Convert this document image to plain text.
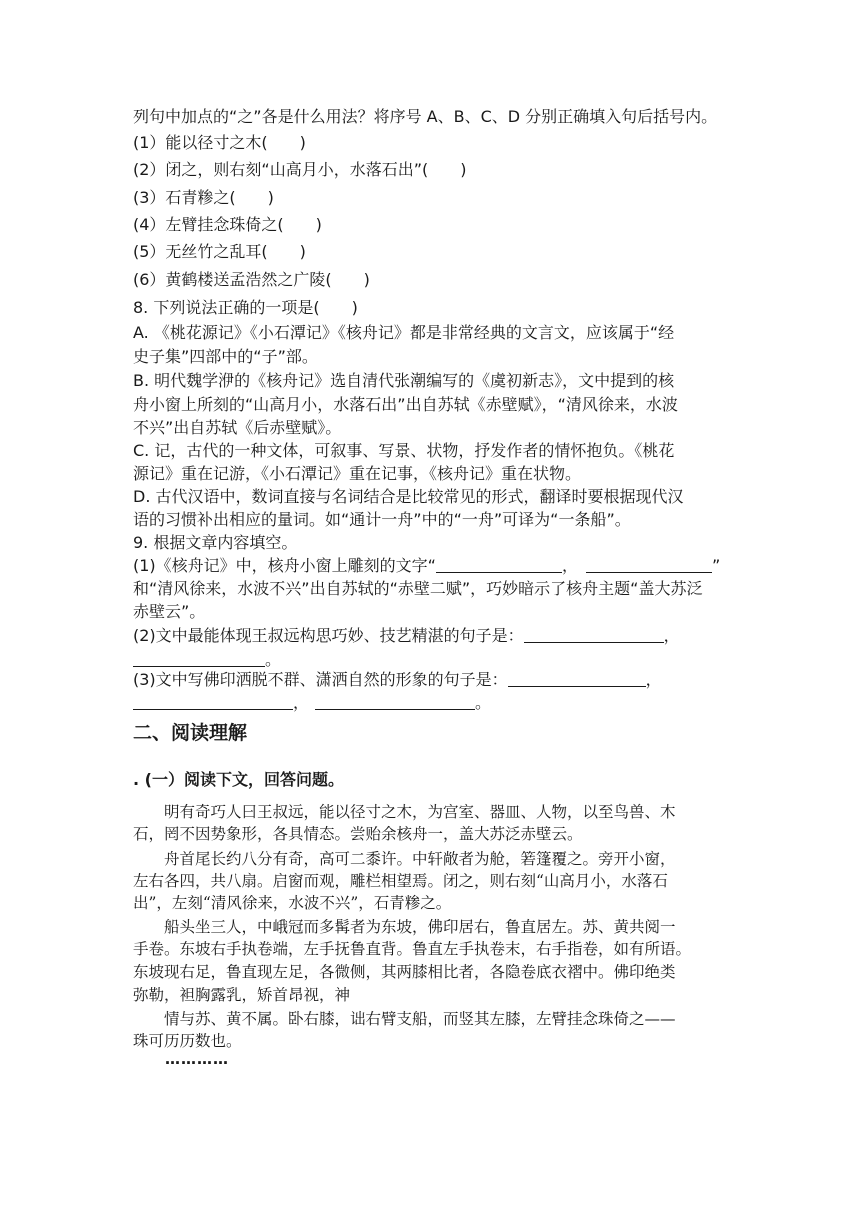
列句中加点的“之”各是什么用法？将序号 A、B、C、D 分别正确填入句后括号内。
(1）能以径寸之木(　　)
(2）闭之，则右刻“山高月小，水落石出”(　　)
(3）石青糁之(　　)
(4）左臂挂念珠倚之(　　)
(5）无丝竹之乱耳(　　)
(6）黄鹤楼送孟浩然之广陵(　　)
8. 下列说法正确的一项是(　　)
A. 《桃花源记》《小石潭记》《核舟记》都是非常经典的文言文，应该属于“经
史子集”四部中的“子”部。
B. 明代魏学洢的《核舟记》选自清代张潮编写的《虞初新志》，文中提到的核
舟小窗上所刻的“山高月小，水落石出”出自苏轼《赤壁赋》，“清风徐来，水波
不兴”出自苏轼《后赤壁赋》。
C. 记，古代的一种文体，可叙事、写景、状物，抒发作者的情怀抱负。《桃花
源记》重在记游，《小石潭记》重在记事，《核舟记》重在状物。
D. 古代汉语中，数词直接与名词结合是比较常见的形式，翻译时要根据现代汉
语的习惯补出相应的量词。如“通计一舟”中的“一舟”可译为“一条船”。
9. 根据文章内容填空。
(1)《核舟记》中，核舟小窗上雕刻的文字“	，	”
和“清风徐来，水波不兴”出自苏轼的“赤壁二赋”，巧妙暗示了核舟主题“盖大苏泛
赤壁云”。
(2)文中最能体现王叔远构思巧妙、技艺精湛的句子是：	，
。
(3)文中写佛印洒脱不群、潇洒自然的形象的句子是：	，
，	。
二、阅读理解
. (一）阅读下文，回答问题。
　　明有奇巧人曰王叔远，能以径寸之木，为宫室、器皿、人物，以至鸟兽、木
石，罔不因势象形，各具情态。尝贻余核舟一，盖大苏泛赤壁云。
　　舟首尾长约八分有奇，高可二黍许。中轩敞者为舱，箬篷覆之。旁开小窗，
左右各四，共八扇。启窗而观，雕栏相望焉。闭之，则右刻“山高月小，水落石
出”，左刻“清风徐来，水波不兴”，石青糁之。
　　船头坐三人，中峨冠而多髯者为东坡，佛印居右，鲁直居左。苏、黄共阅一
手卷。东坡右手执卷端，左手抚鲁直背。鲁直左手执卷末，右手指卷，如有所语。
东坡现右足，鲁直现左足，各微侧，其两膝相比者，各隐卷底衣褶中。佛印绝类
弥勒，袒胸露乳，矫首昂视，神
　　情与苏、黄不属。卧右膝，诎右臂支船，而竖其左膝，左臂挂念珠倚之——
珠可历历数也。
…………
